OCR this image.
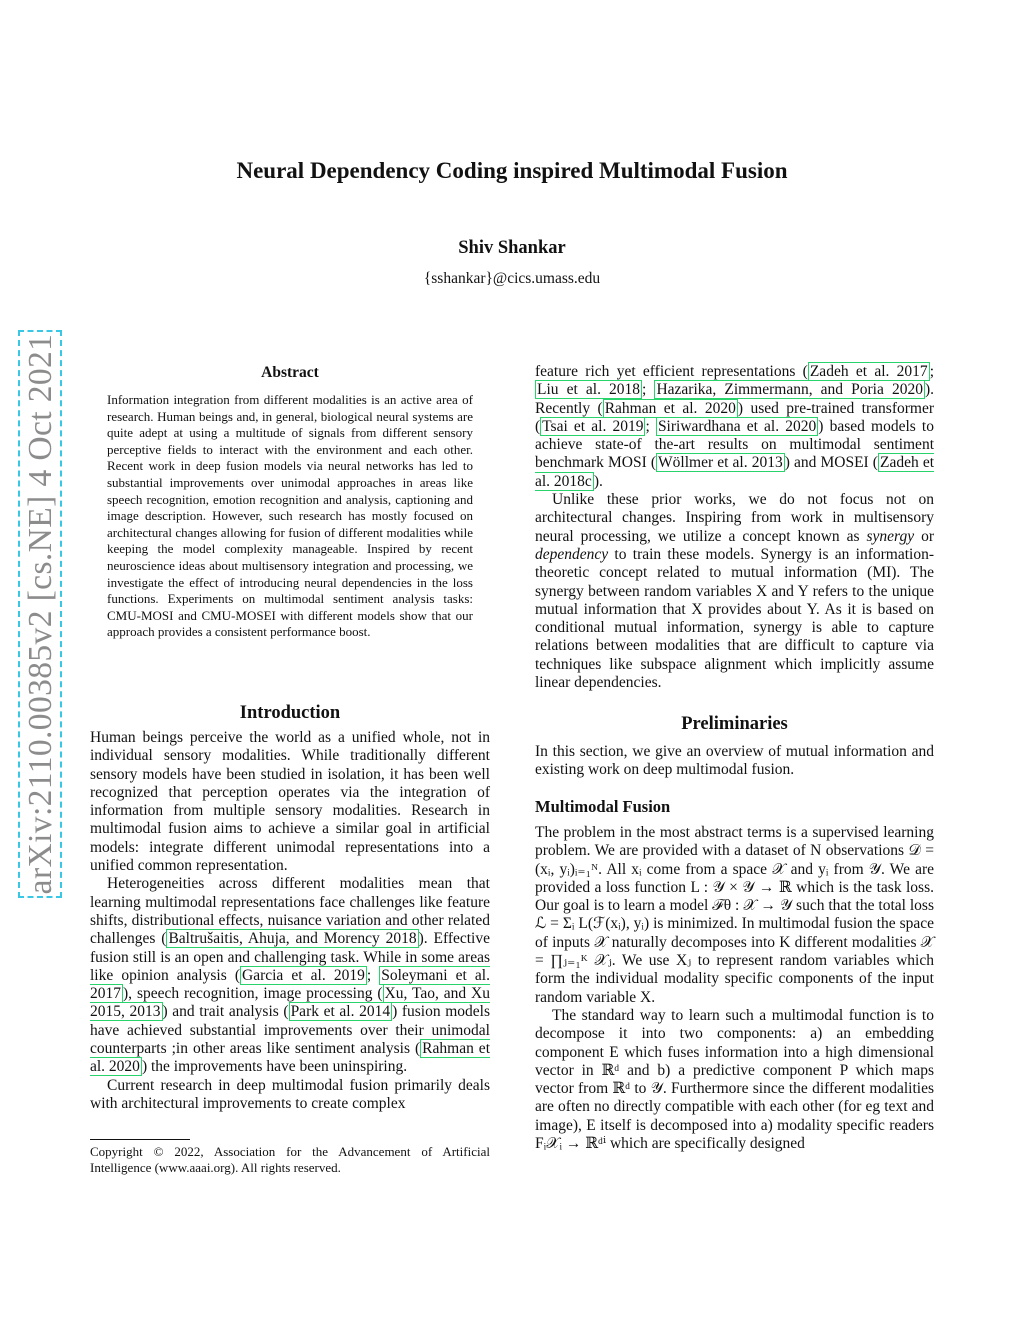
Neural Dependency Coding inspired Multimodal Fusion
Shiv Shankar
{sshankar}@cics.umass.edu
arXiv:2110.00385v2 [cs.NE] 4 Oct 2021	Abstract
Information integration from different modalities is an active area of research. Human beings and, in general, biological neural systems are quite adept at using a multitude of signals from different sensory perceptive fields to interact with the environment and each other. Recent work in deep fusion models via neural networks has led to substantial improvements over unimodal approaches in areas like speech recognition, emotion recognition and analysis, captioning and image description. However, such research has mostly focused on architectural changes allowing for fusion of different modalities while keeping the model complexity manageable. Inspired by recent neuroscience ideas about multisensory integration and processing, we investigate the effect of introducing neural dependencies in the loss functions. Experiments on multimodal sentiment analysis tasks: CMU-MOSI and CMU-MOSEI with different models show that our approach provides a consistent performance boost.
Introduction

Human beings perceive the world as a unified whole, not in individual sensory modalities. While traditionally different sensory models have been studied in isolation, it has been well recognized that perception operates via the integration of information from multiple sensory modalities. Research in multimodal fusion aims to achieve a similar goal in artificial models: integrate different unimodal representations into a unified common representation.

Heterogeneities across different modalities mean that learning multimodal representations face challenges like feature shifts, distributional effects, nuisance variation and other related challenges ( Baltrušaitis, Ahuja, and Morency 2018 ). Effective fusion still is an open and challenging task. While in some areas like opinion analysis ( Garcia et al. 2019 ; Soleymani et al. 2017 ), speech recognition, image processing ( Xu, Tao, and Xu 2015, 2013 ) and trait analysis ( Park et al. 2014 ) fusion models have achieved substantial improvements over their unimodal counterparts ;in other areas like sentiment analysis ( Rahman et al. 2020 ) the improvements have been uninspiring.

Current research in deep multimodal fusion primarily deals with architectural improvements to create complex

Copyright © 2022, Association for the Advancement of Artificial Intelligence (www.aaai.org). All rights reserved.

feature rich yet efficient representations ( Zadeh et al. 2017 ; Liu et al. 2018 ; Hazarika, Zimmermann, and Poria 2020 ). Recently ( Rahman et al. 2020 ) used pre-trained transformer ( Tsai et al. 2019 ; Siriwardhana et al. 2020 ) based models to achieve state-of the-art results on multimodal sentiment benchmark MOSI ( Wöllmer et al. 2013 ) and MOSEI ( Zadeh et al. 2018c ).

Unlike these prior works, we do not focus not on architectural changes. Inspiring from work in multisensory neural processing, we utilize a concept known as synergy or dependency to train these models. Synergy is an information-theoretic concept related to mutual information (MI). The synergy between random variables X and Y refers to the unique mutual information that X provides about Y. As it is based on conditional mutual information, synergy is able to capture relations between modalities that are difficult to capture via techniques like subspace alignment which implicitly assume linear dependencies.

Preliminaries
In this section, we give an overview of mutual information and existing work on deep multimodal fusion.
Multimodal Fusion

The problem in the most abstract terms is a supervised learning problem. We are provided with a dataset of N observations 𝒟 = (xᵢ, yᵢ)ᵢ₌₁ᴺ. All xᵢ come from a space 𝒳 and yᵢ from 𝒴. We are provided a loss function L : 𝒴 × 𝒴 → ℝ which is the task loss. Our goal is to learn a model ℱθ : 𝒳 → 𝒴 such that the total loss ℒ = Σᵢ L(ℱ(xᵢ), yᵢ) is minimized. In multimodal fusion the space of inputs 𝒳 naturally decomposes into K different modalities 𝒳 = ∏ⱼ₌₁ᴷ 𝒳ⱼ. We use Xⱼ to represent random variables which form the individual modality specific components of the input random variable X.

The standard way to learn such a multimodal function is to decompose it into two components: a) an embedding component E which fuses information into a high dimensional vector in ℝᵈ and b) a predictive component P which maps vector from ℝᵈ to 𝒴. Furthermore since the different modalities are often no directly compatible with each other (for eg text and image), E itself is decomposed into a) modality specific readers Fᵢ𝒳ᵢ → ℝᵈⁱ which are specifically designed
